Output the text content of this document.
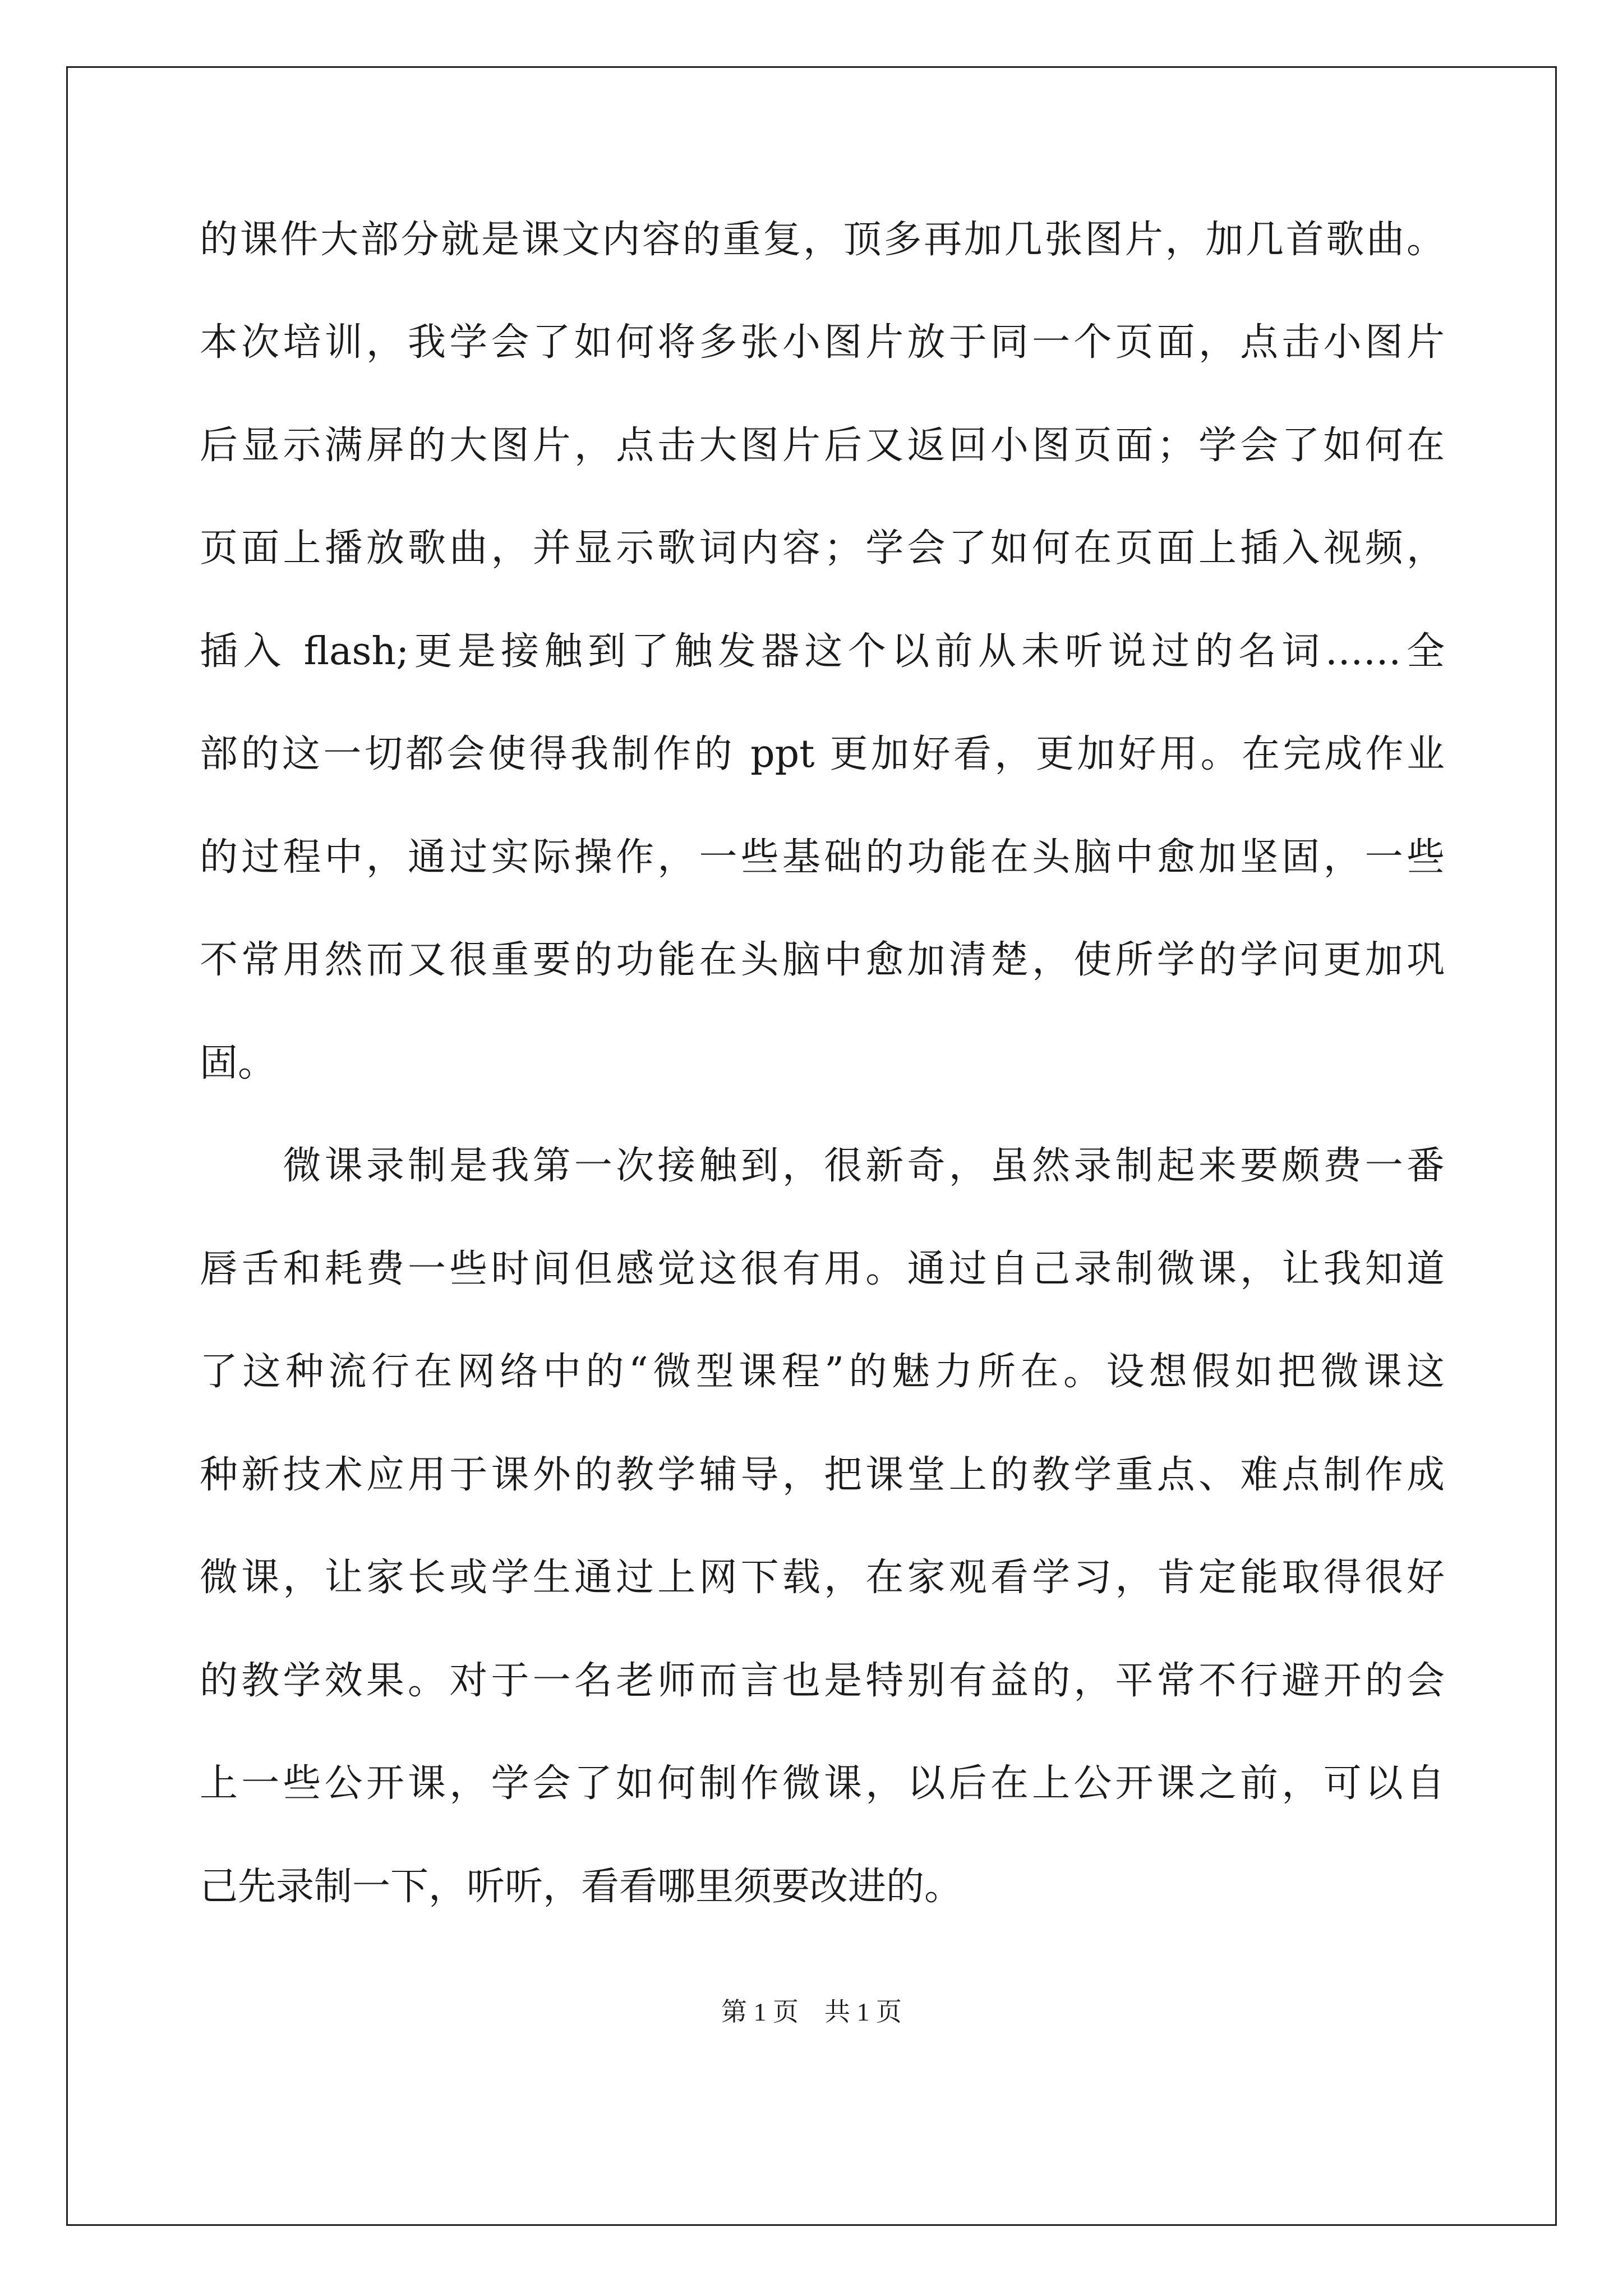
的课件大部分就是课文内容的重复，顶多再加几张图片，加几首歌曲。
本次培训，我学会了如何将多张小图片放于同一个页面，点击小图片
后显示满屏的大图片，点击大图片后又返回小图页面；学会了如何在
页面上播放歌曲，并显示歌词内容；学会了如何在页面上插入视频，
插入 flash;更是接触到了触发器这个以前从未听说过的名词……全
部的这一切都会使得我制作的 ppt 更加好看，更加好用。在完成作业
的过程中，通过实际操作，一些基础的功能在头脑中愈加坚固，一些
不常用然而又很重要的功能在头脑中愈加清楚，使所学的学问更加巩
固。
　　微课录制是我第一次接触到，很新奇，虽然录制起来要颇费一番
唇舌和耗费一些时间但感觉这很有用。通过自己录制微课，让我知道
了这种流行在网络中的“微型课程”的魅力所在。设想假如把微课这
种新技术应用于课外的教学辅导，把课堂上的教学重点、难点制作成
微课，让家长或学生通过上网下载，在家观看学习，肯定能取得很好
的教学效果。对于一名老师而言也是特别有益的，平常不行避开的会
上一些公开课，学会了如何制作微课，以后在上公开课之前，可以自
己先录制一下，听听，看看哪里须要改进的。
第 1 页 共 1 页
